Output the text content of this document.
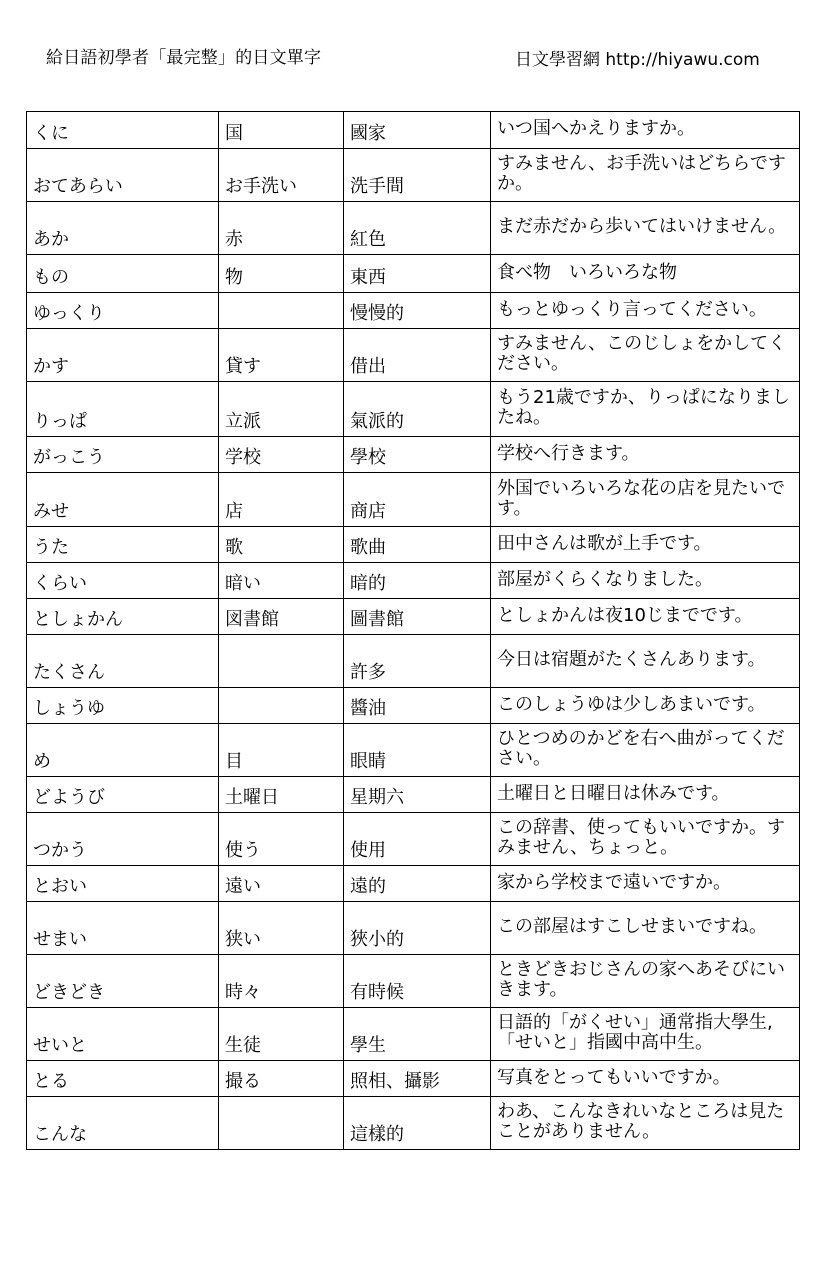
給日語初學者「最完整」的日文單字	日文學習網 http://hiyawu.com
くに	国	國家	いつ国へかえりますか。
おてあらい	お手洗い	洗手間	すみません、お手洗いはどちらですか。
あか	赤	紅色	まだ赤だから歩いてはいけません。
もの	物	東西	食べ物　いろいろな物
ゆっくり		慢慢的	もっとゆっくり言ってください。
かす	貸す	借出	すみません、このじしょをかしてください。
りっぱ	立派	氣派的	もう21歳ですか、りっぱになりましたね。
がっこう	学校	學校	学校へ行きます。
みせ	店	商店	外国でいろいろな花の店を見たいです。
うた	歌	歌曲	田中さんは歌が上手です。
くらい	暗い	暗的	部屋がくらくなりました。
としょかん	図書館	圖書館	としょかんは夜10じまでです。
たくさん		許多	今日は宿題がたくさんあります。
しょうゆ		醬油	このしょうゆは少しあまいです。
め	目	眼睛	ひとつめのかどを右へ曲がってください。
どようび	土曜日	星期六	土曜日と日曜日は休みです。
つかう	使う	使用	この辞書、使ってもいいですか。すみません、ちょっと。
とおい	遠い	遠的	家から学校まで遠いですか。
せまい	狭い	狹小的	この部屋はすこしせまいですね。
どきどき	時々	有時候	ときどきおじさんの家へあそびにいきます。
せいと	生徒	學生	日語的「がくせい」通常指大學生,「せいと」指國中高中生。
とる	撮る	照相、攝影	写真をとってもいいですか。
こんな		這樣的	わあ、こんなきれいなところは見たことがありません。
